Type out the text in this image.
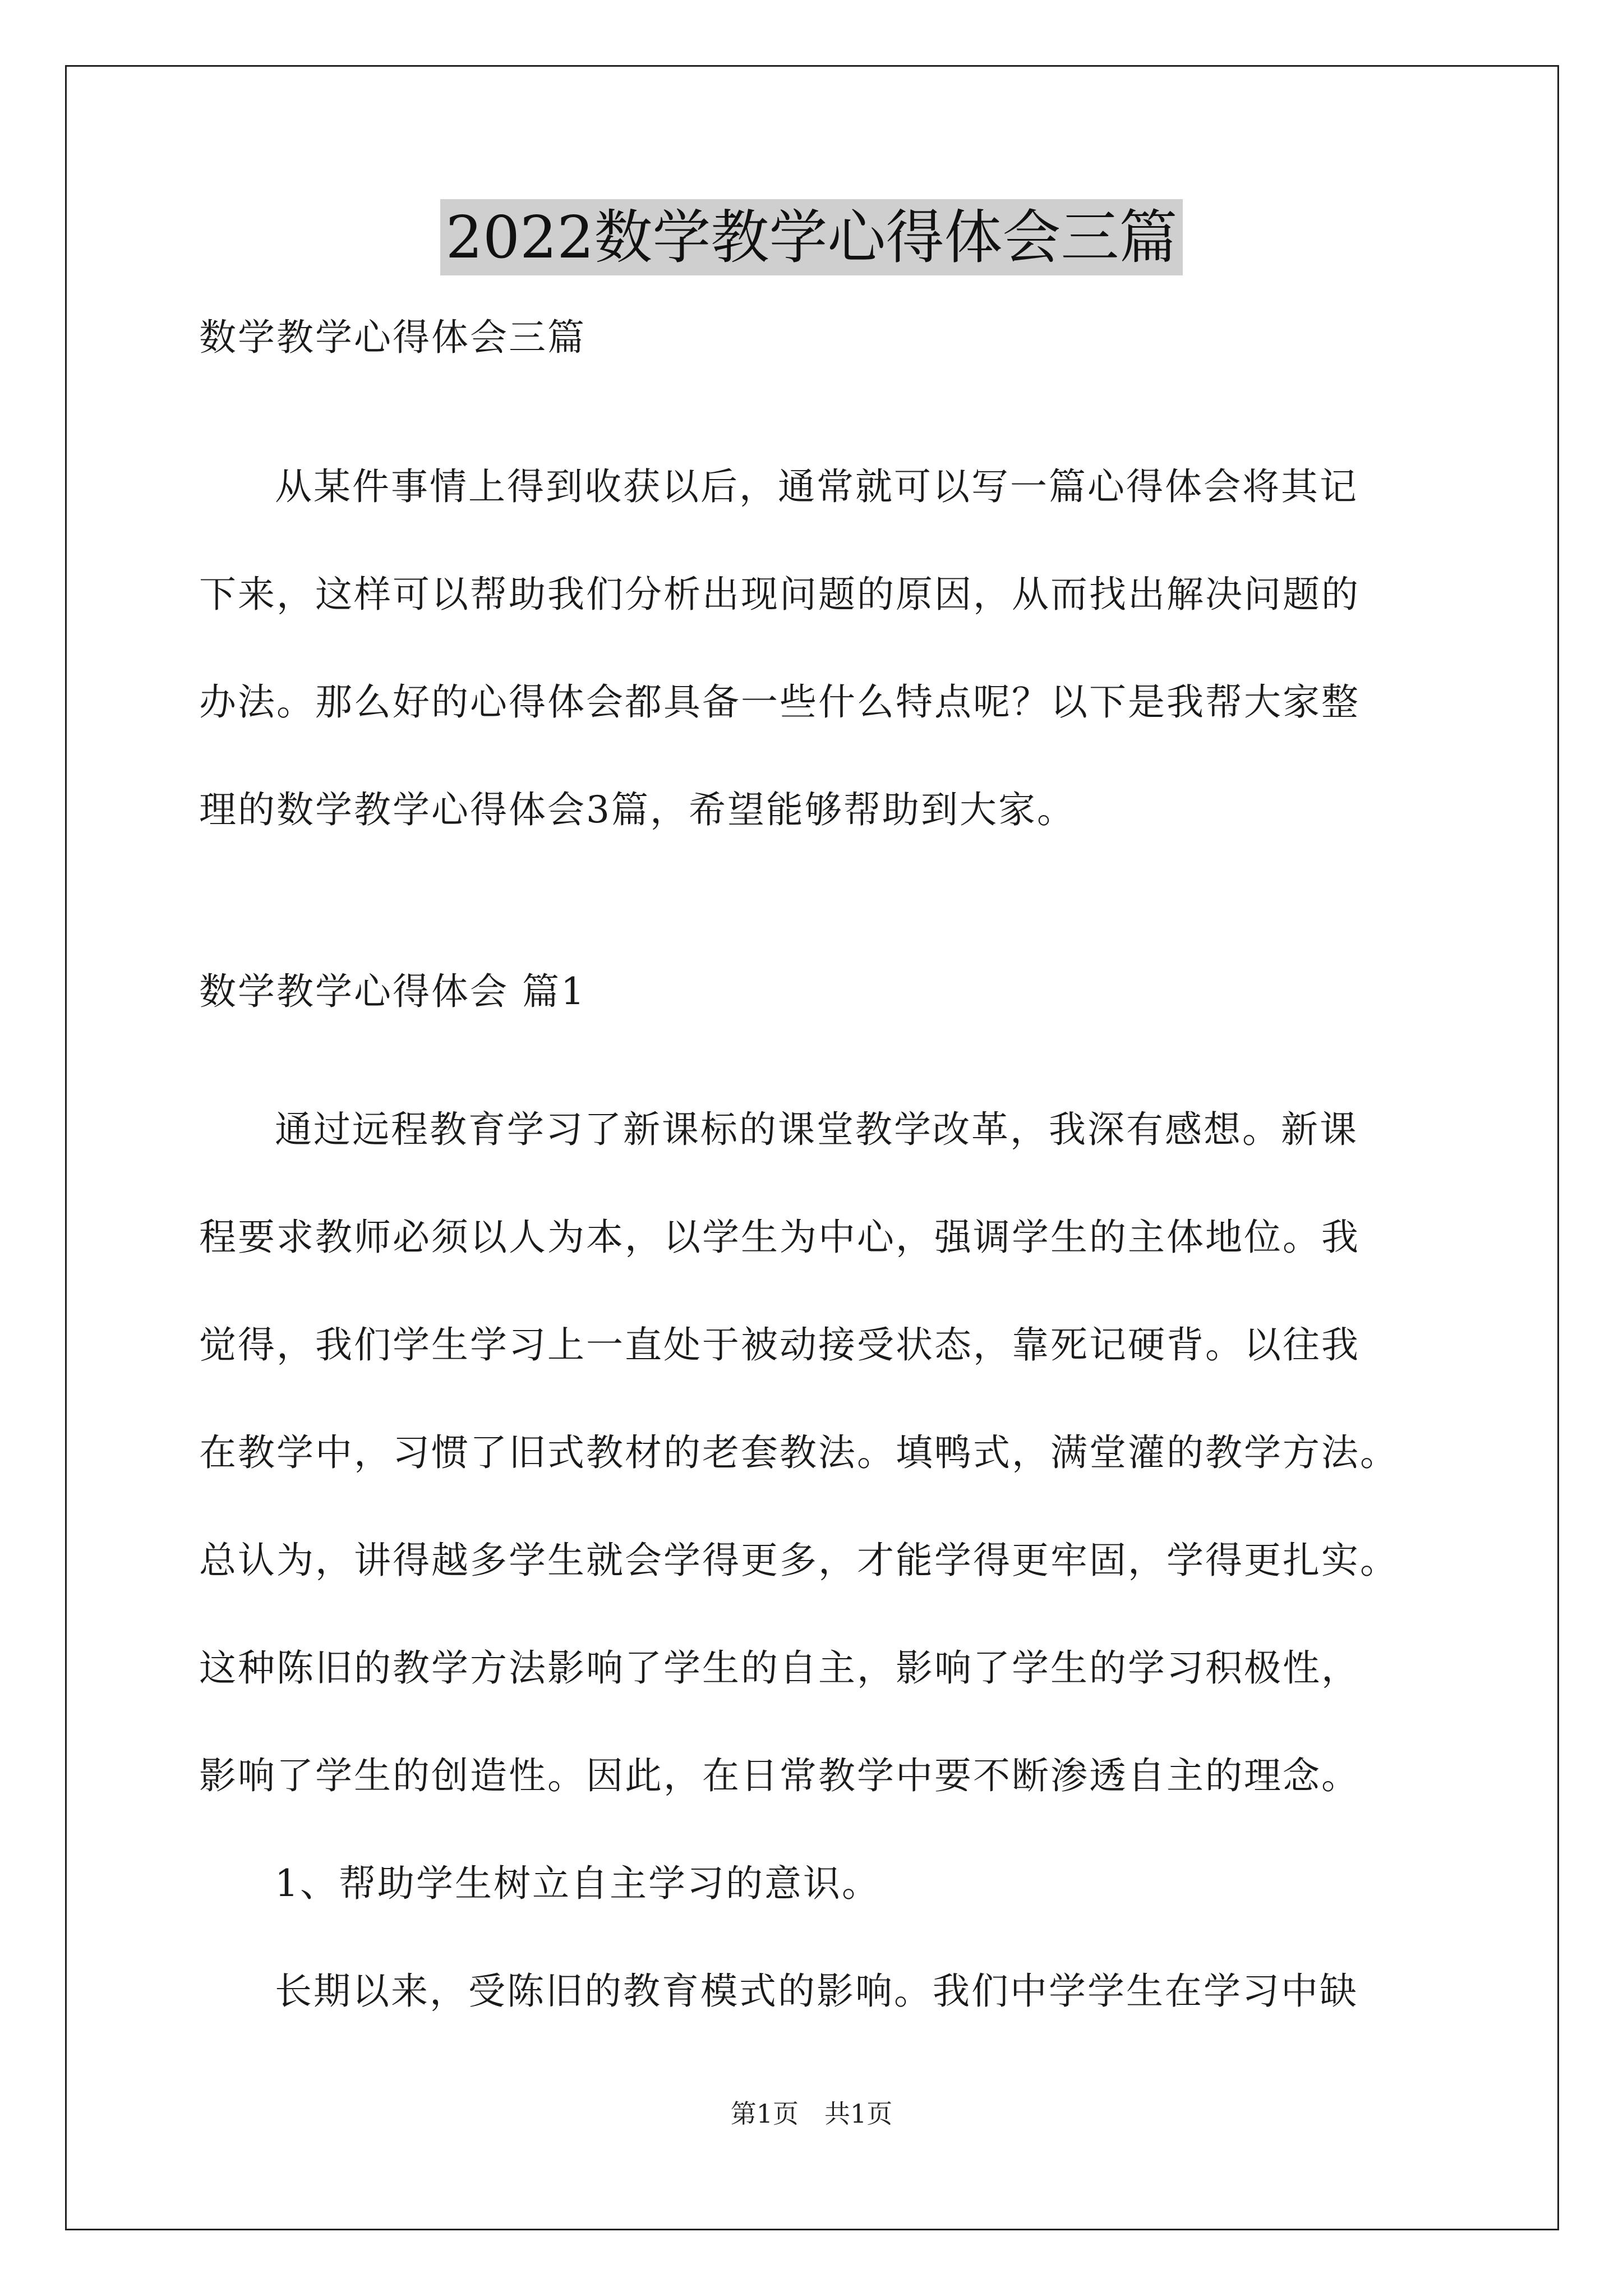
2022数学教学心得体会三篇
数学教学心得体会三篇
从某件事情上得到收获以后，通常就可以写一篇心得体会将其记
下来，这样可以帮助我们分析出现问题的原因，从而找出解决问题的
办法。那么好的心得体会都具备一些什么特点呢？以下是我帮大家整
理的数学教学心得体会3篇，希望能够帮助到大家。
数学教学心得体会 篇1
通过远程教育学习了新课标的课堂教学改革，我深有感想。新课
程要求教师必须以人为本，以学生为中心，强调学生的主体地位。我
觉得，我们学生学习上一直处于被动接受状态，靠死记硬背。以往我
在教学中，习惯了旧式教材的老套教法。填鸭式，满堂灌的教学方法。
总认为，讲得越多学生就会学得更多，才能学得更牢固，学得更扎实。
这种陈旧的教学方法影响了学生的自主，影响了学生的学习积极性，
影响了学生的创造性。因此，在日常教学中要不断渗透自主的理念。
1、帮助学生树立自主学习的意识。
长期以来，受陈旧的教育模式的影响。我们中学学生在学习中缺
第1页　共1页
